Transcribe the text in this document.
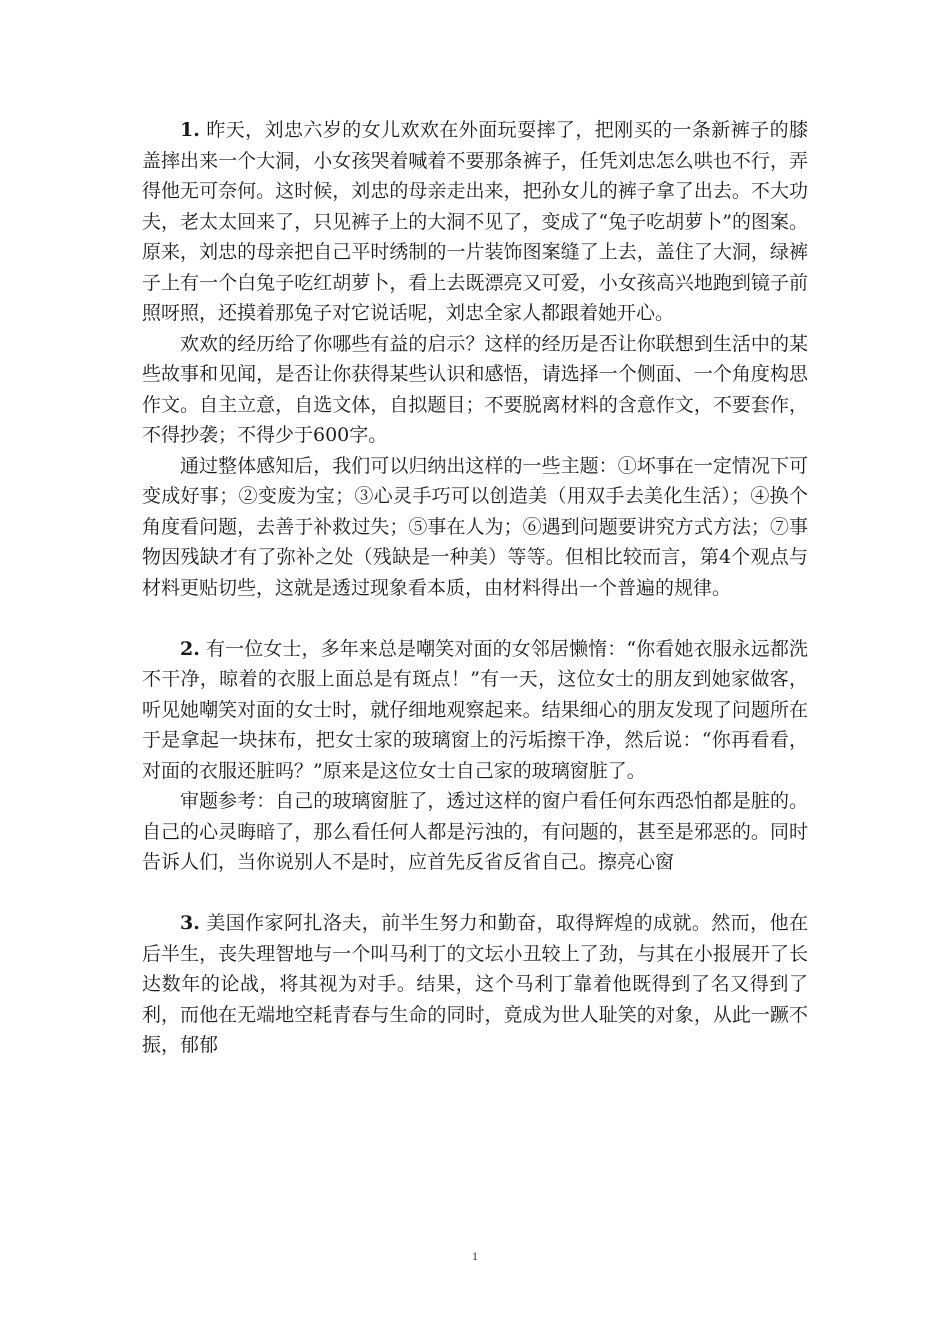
1. 昨天，刘忠六岁的女儿欢欢在外面玩耍摔了，把刚买的一条新裤子的膝盖摔出来一个大洞，小女孩哭着喊着不要那条裤子，任凭刘忠怎么哄也不行，弄得他无可奈何。这时候，刘忠的母亲走出来，把孙女儿的裤子拿了出去。不大功夫，老太太回来了，只见裤子上的大洞不见了，变成了“兔子吃胡萝卜”的图案。原来，刘忠的母亲把自己平时绣制的一片装饰图案缝了上去，盖住了大洞，绿裤子上有一个白兔子吃红胡萝卜，看上去既漂亮又可爱，小女孩高兴地跑到镜子前照呀照，还摸着那兔子对它说话呢，刘忠全家人都跟着她开心。

欢欢的经历给了你哪些有益的启示？这样的经历是否让你联想到生活中的某些故事和见闻，是否让你获得某些认识和感悟，请选择一个侧面、一个角度构思作文。自主立意，自选文体，自拟题目；不要脱离材料的含意作文，不要套作，不得抄袭；不得少于600字。

通过整体感知后，我们可以归纳出这样的一些主题：①坏事在一定情况下可变成好事；②变废为宝；③心灵手巧可以创造美（用双手去美化生活）；④换个角度看问题，去善于补救过失；⑤事在人为；⑥遇到问题要讲究方式方法；⑦事物因残缺才有了弥补之处（残缺是一种美）等等。但相比较而言，第4个观点与材料更贴切些，这就是透过现象看本质，由材料得出一个普遍的规律。

2. 有一位女士，多年来总是嘲笑对面的女邻居懒惰：“你看她衣服永远都洗不干净，晾着的衣服上面总是有斑点！”有一天，这位女士的朋友到她家做客，听见她嘲笑对面的女士时，就仔细地观察起来。结果细心的朋友发现了问题所在于是拿起一块抹布，把女士家的玻璃窗上的污垢擦干净，然后说：“你再看看，对面的衣服还脏吗？”原来是这位女士自己家的玻璃窗脏了。

审题参考：自己的玻璃窗脏了，透过这样的窗户看任何东西恐怕都是脏的。自己的心灵晦暗了，那么看任何人都是污浊的，有问题的，甚至是邪恶的。同时告诉人们，当你说别人不是时，应首先反省反省自己。擦亮心窗

3. 美国作家阿扎洛夫，前半生努力和勤奋，取得辉煌的成就。然而，他在后半生，丧失理智地与一个叫马利丁的文坛小丑较上了劲，与其在小报展开了长达数年的论战，将其视为对手。结果，这个马利丁靠着他既得到了名又得到了利，而他在无端地空耗青春与生命的同时，竟成为世人耻笑的对象，从此一蹶不振，郁郁

1
